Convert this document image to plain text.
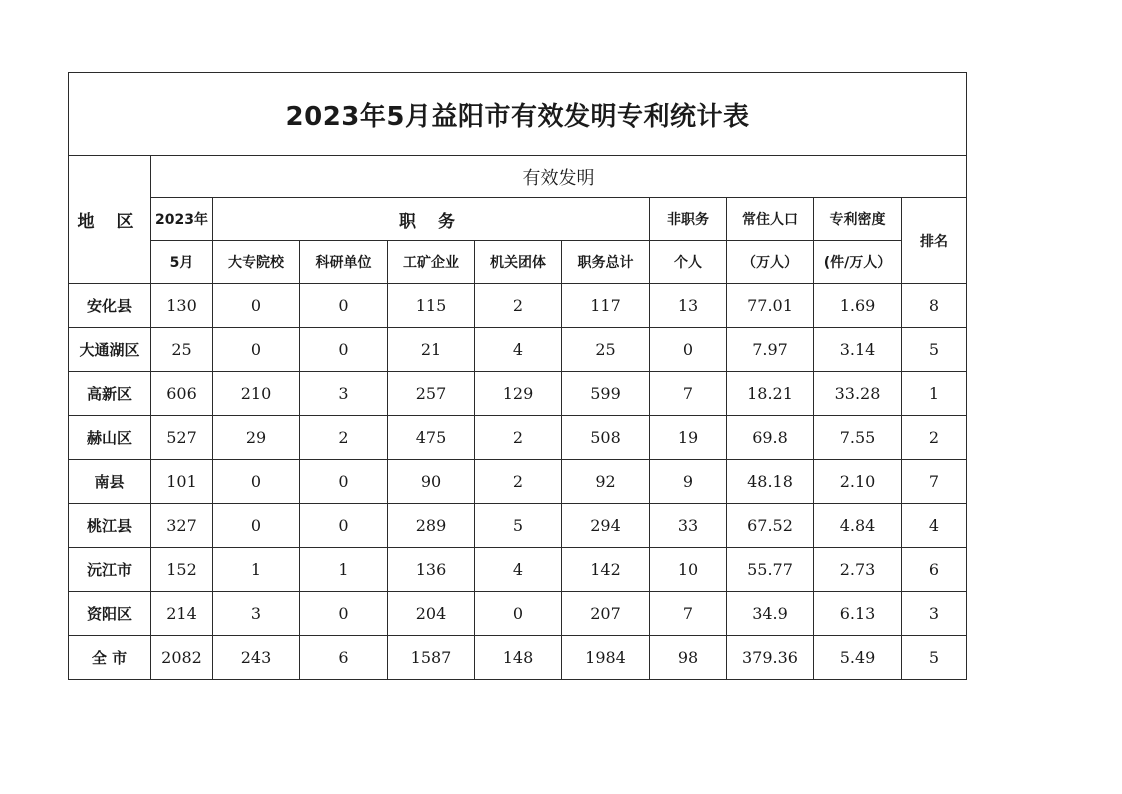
2023年5月益阳市有效发明专利统计表										
地 区	有效发明									
	2023年	职 务					非职务	常住人口	专利密度	排名
	5月	大专院校	科研单位	工矿企业	机关团体	职务总计	个人	（万人）	(件/万人）	
安化县	130	0	0	115	2	117	13	77.01	1.69	8
大通湖区	25	0	0	21	4	25	0	7.97	3.14	5
高新区	606	210	3	257	129	599	7	18.21	33.28	1
赫山区	527	29	2	475	2	508	19	69.8	7.55	2
南县	101	0	0	90	2	92	9	48.18	2.10	7
桃江县	327	0	0	289	5	294	33	67.52	4.84	4
沅江市	152	1	1	136	4	142	10	55.77	2.73	6
资阳区	214	3	0	204	0	207	7	34.9	6.13	3
全 市	2082	243	6	1587	148	1984	98	379.36	5.49	5
